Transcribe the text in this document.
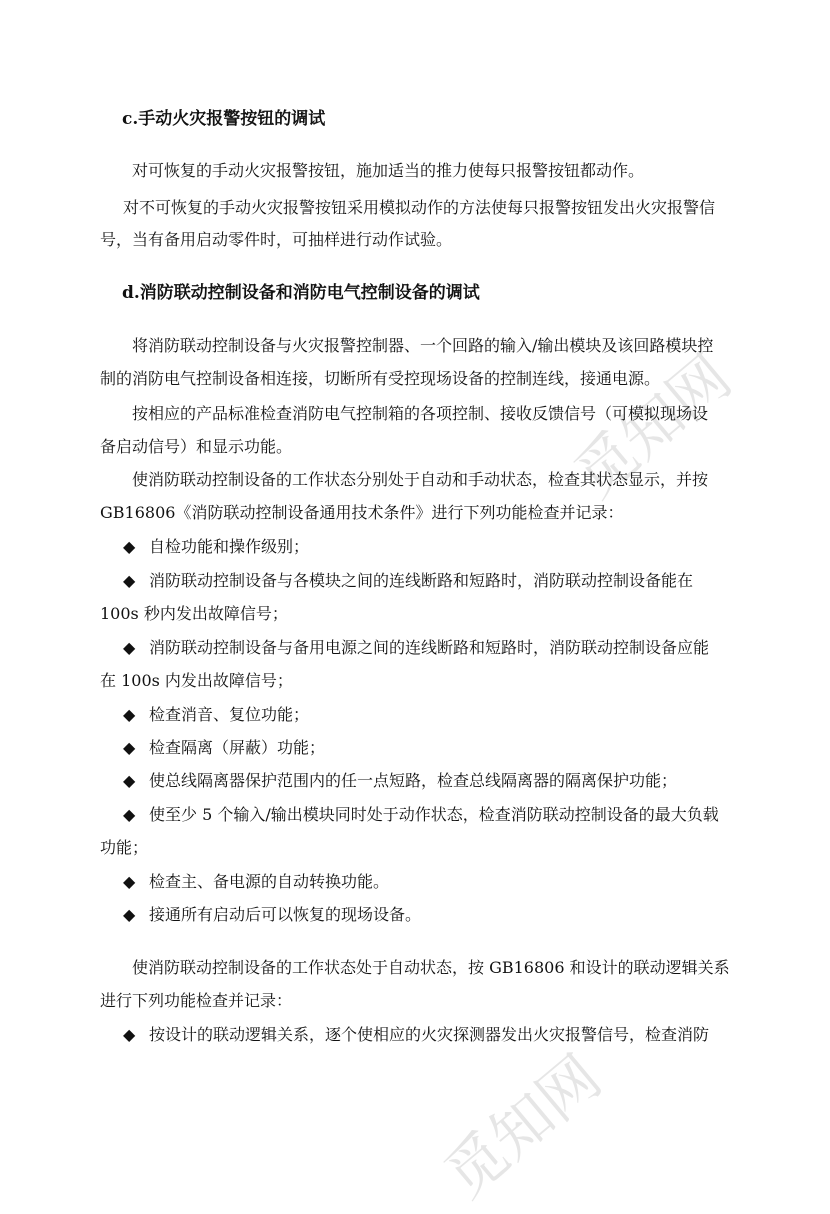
觅知网
觅知网
c.手动火灾报警按钮的调试
对可恢复的手动火灾报警按钮，施加适当的推力使每只报警按钮都动作。
对不可恢复的手动火灾报警按钮采用模拟动作的方法使每只报警按钮发出火灾报警信
号，当有备用启动零件时，可抽样进行动作试验。
d.消防联动控制设备和消防电气控制设备的调试
将消防联动控制设备与火灾报警控制器、一个回路的输入/输出模块及该回路模块控
制的消防电气控制设备相连接，切断所有受控现场设备的控制连线，接通电源。
按相应的产品标准检查消防电气控制箱的各项控制、接收反馈信号（可模拟现场设
备启动信号）和显示功能。
使消防联动控制设备的工作状态分别处于自动和手动状态，检查其状态显示，并按
GB16806《消防联动控制设备通用技术条件》进行下列功能检查并记录：
◆ 自检功能和操作级别；
◆ 消防联动控制设备与各模块之间的连线断路和短路时，消防联动控制设备能在
100s 秒内发出故障信号；
◆ 消防联动控制设备与备用电源之间的连线断路和短路时，消防联动控制设备应能
在 100s 内发出故障信号；
◆ 检查消音、复位功能；
◆ 检查隔离（屏蔽）功能；
◆ 使总线隔离器保护范围内的任一点短路，检查总线隔离器的隔离保护功能；
◆ 使至少 5 个输入/输出模块同时处于动作状态，检查消防联动控制设备的最大负载
功能；
◆ 检查主、备电源的自动转换功能。
◆ 接通所有启动后可以恢复的现场设备。
使消防联动控制设备的工作状态处于自动状态，按 GB16806 和设计的联动逻辑关系
进行下列功能检查并记录：
◆ 按设计的联动逻辑关系，逐个使相应的火灾探测器发出火灾报警信号，检查消防
